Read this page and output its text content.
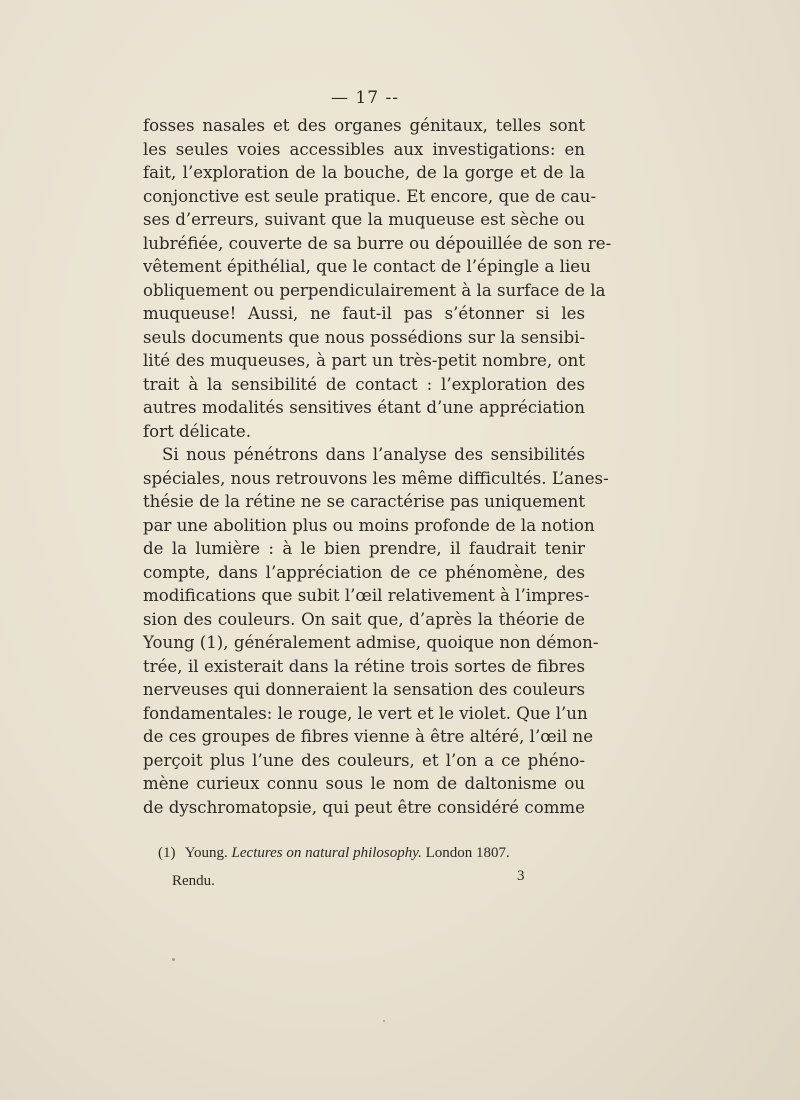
— 17 --
fosses nasales et des organes génitaux, telles sont
les seules voies accessibles aux investigations: en
fait, l’exploration de la bouche, de la gorge et de la
conjonctive est seule pratique. Et encore, que de cau-
ses d’erreurs, suivant que la muqueuse est sèche ou
lubréfiée, couverte de sa burre ou dépouillée de son re-
vêtement épithélial, que le contact de l’épingle a lieu
obliquement ou perpendiculairement à la surface de la
muqueuse! Aussi, ne faut-il pas s’étonner si les
seuls documents que nous possédions sur la sensibi-
lité des muqueuses, à part un très-petit nombre, ont
trait à la sensibilité de contact : l’exploration des
autres modalités sensitives étant d’une appréciation
fort délicate.
Si nous pénétrons dans l’analyse des sensibilités
spéciales, nous retrouvons les même difficultés. L’anes-
thésie de la rétine ne se caractérise pas uniquement
par une abolition plus ou moins profonde de la notion
de la lumière : à le bien prendre, il faudrait tenir
compte, dans l’appréciation de ce phénomène, des
modifications que subit l’œil relativement à l’impres-
sion des couleurs. On sait que, d’après la théorie de
Young (1), généralement admise, quoique non démon-
trée, il existerait dans la rétine trois sortes de fibres
nerveuses qui donneraient la sensation des couleurs
fondamentales: le rouge, le vert et le violet. Que l’un
de ces groupes de fibres vienne à être altéré, l’œil ne
perçoit plus l’une des couleurs, et l’on a ce phéno-
mène curieux connu sous le nom de daltonisme ou
de dyschromatopsie, qui peut être considéré comme
(1) Young. Lectures on natural philosophy. London 1807.
Rendu.	3
